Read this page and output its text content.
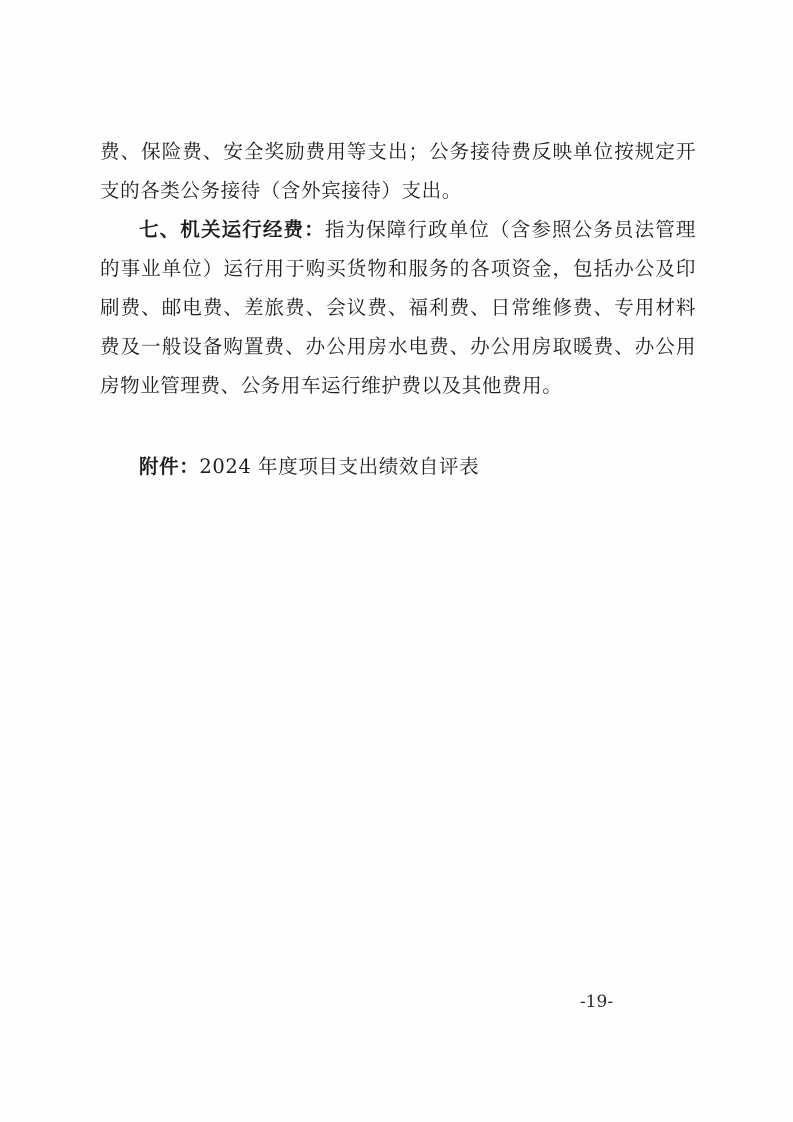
费、保险费、安全奖励费用等支出；公务接待费反映单位按规定开支的各类公务接待（含外宾接待）支出。

七、机关运行经费：指为保障行政单位（含参照公务员法管理的事业单位）运行用于购买货物和服务的各项资金，包括办公及印刷费、邮电费、差旅费、会议费、福利费、日常维修费、专用材料费及一般设备购置费、办公用房水电费、办公用房取暖费、办公用房物业管理费、公务用车运行维护费以及其他费用。

附件：2024 年度项目支出绩效自评表

-19-
